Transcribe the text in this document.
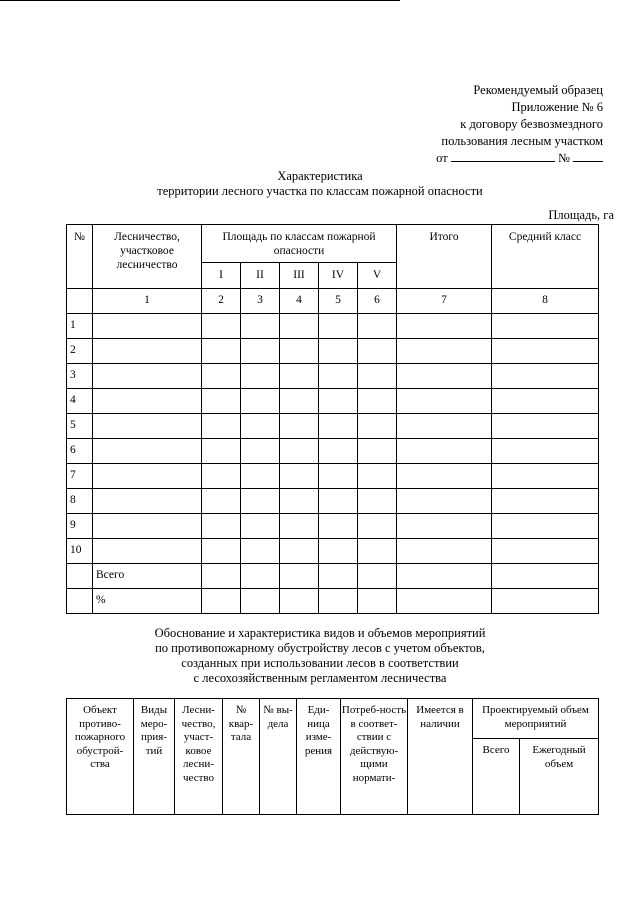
Рекомендуемый образец
Приложение № 6
к договору безвозмездного
пользования лесным участком
от	№
Характеристика
территории лесного участка по классам пожарной опасности
Площадь, га
№	Лесничество, участковое лесничество	Площадь по классам пожарной опасности					Итого	Средний класс
		I	II	III	IV	V		
	1	2	3	4	5	6	7	8
1								
2								
3								
4								
5								
6								
7								
8								
9								
10								
	Всего							
	%							
Обоснование и характеристика видов и объемов мероприятий
по противопожарному обустройству лесов с учетом объектов,
созданных при использовании лесов в соответствии
с лесохозяйственным регламентом лесничества
Объект противо-пожарного обустрой-ства	Виды меро-прия-тий	Лесни-чество, участ-ковое лесни-чество	№ квар-тала	№ вы-дела	Еди-ница изме-рения	Потреб-ность в соответ-ствии с действую-щими нормати-	Имеется в наличии	Проектируемый объем мероприятий	
								Всего	Ежегодный объем
